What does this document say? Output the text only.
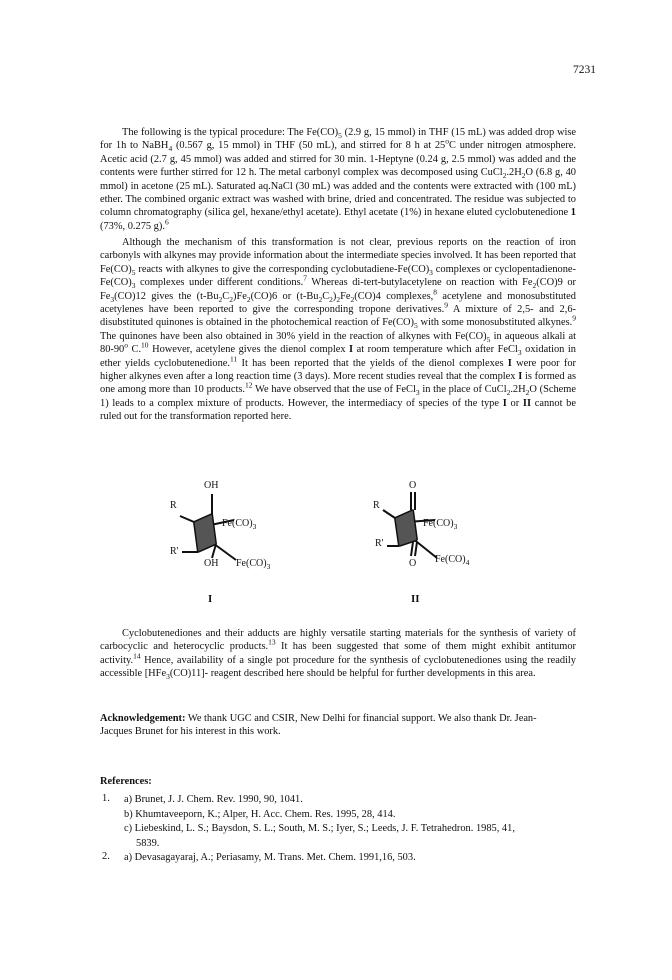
7231
The following is the typical procedure: The $Fe(CO)_5$ (2.9 g, 15 mmol) in THF (15 mL) was added drop wise for 1h to NaBH$_4$ (0.567 g, 15 mmol) in THF (50 mL), and stirred for 8 h at 25$^o$C under nitrogen atmosphere. Acetic acid (2.7 g, 45 mmol) was added and stirred for 30 min. 1-Heptyne (0.24 g, 2.5 mmol) was added and the contents were further stirred for 12 h. The metal carbonyl complex was decomposed using $CuCl_2.2H_2O$ (6.8 g, 40 mmol) in acetone (25 mL). Saturated aq.NaCl (30 mL) was added and the contents were extracted with (100 mL) ether. The combined organic extract was washed with brine, dried and concentrated. The residue was subjected to column chromatography (silica gel, hexane/ethyl acetate). Ethyl acetate (1%) in hexane eluted cyclobutenedione 1 (73%, 0.275 g).$^6$
Although the mechanism of this transformation is not clear, previous reports on the reaction of iron carbonyls with alkynes may provide information about the intermediate species involved. It has been reported that $Fe(CO)_5$ reacts with alkynes to give the corresponding cyclobutadiene-$Fe(CO)_3$ complexes or cyclopentadienone-$Fe(CO)_3$ complexes under different conditions.$^7$ Whereas di-tert-butylacetylene on reaction with $Fe_2(CO)9$ or $Fe_3(CO)12$ gives the $(t-Bu_2C_2)Fe_2(CO)6$ or $(t-Bu_2C_2)_2Fe_2(CO)4$ complexes,$^8$ acetylene and monosubstituted acetylenes have been reported to give the corresponding tropone derivatives.$^9$ A mixture of 2,5- and 2,6- disubstituted quinones is obtained in the photochemical reaction of $Fe(CO)_5$ with some monosubstituted alkynes.$^9$ The quinones have been also obtained in 30% yield in the reaction of alkynes with $Fe(CO)_5$ in aqueous alkali at 80-90$^o$ C.$^{10}$ However, acetylene gives the dienol complex I at room temperature which after FeCl$_3$ oxidation in ether yields cyclobutenedione.$^{11}$ It has been reported that the yields of the dienol complexes I were poor for higher alkynes even after a long reaction time (3 days). More recent studies reveal that the complex I is formed as one among more than 10 products.$^{12}$ We have observed that the use of FeCl$_3$ in the place of $CuCl_2.2H_2O$ (Scheme 1) leads to a complex mixture of products. However, the intermediacy of species of the type I or II cannot be ruled out for the transformation reported here.
OH
R
$Fe(CO)_3$
R'
OH $Fe(CO)_3$
I
O
R
$Fe(CO)_3$
R'
O $Fe(CO)_4$
II
Cyclobutenediones and their adducts are highly versatile starting materials for the synthesis of variety of carbocyclic and heterocyclic products.$^{13}$ It has been suggested that some of them might exhibit antitumor activity.$^{14}$ Hence, availability of a single pot procedure for the synthesis of cyclobutenediones using the readily accessible [HFe$_3$(CO)11]- reagent described here should be helpful for further developments in this area.
Acknowledgement: We thank UGC and CSIR, New Delhi for financial support. We also thank Dr. Jean-
Jacques Brunet for his interest in this work.
References:
1. a) Brunet, J. J. Chem. Rev. 1990, 90, 1041.
b) Khumtaveeporn, K.; Alper, H. Acc. Chem. Res. 1995, 28, 414.
c) Liebeskind, L. S.; Baysdon, S. L.; South, M. S.; Iyer, S.; Leeds, J. F. Tetrahedron. 1985, 41,
5839.
2. a) Devasagayaraj, A.; Periasamy, M. Trans. Met. Chem. 1991,16, 503.
